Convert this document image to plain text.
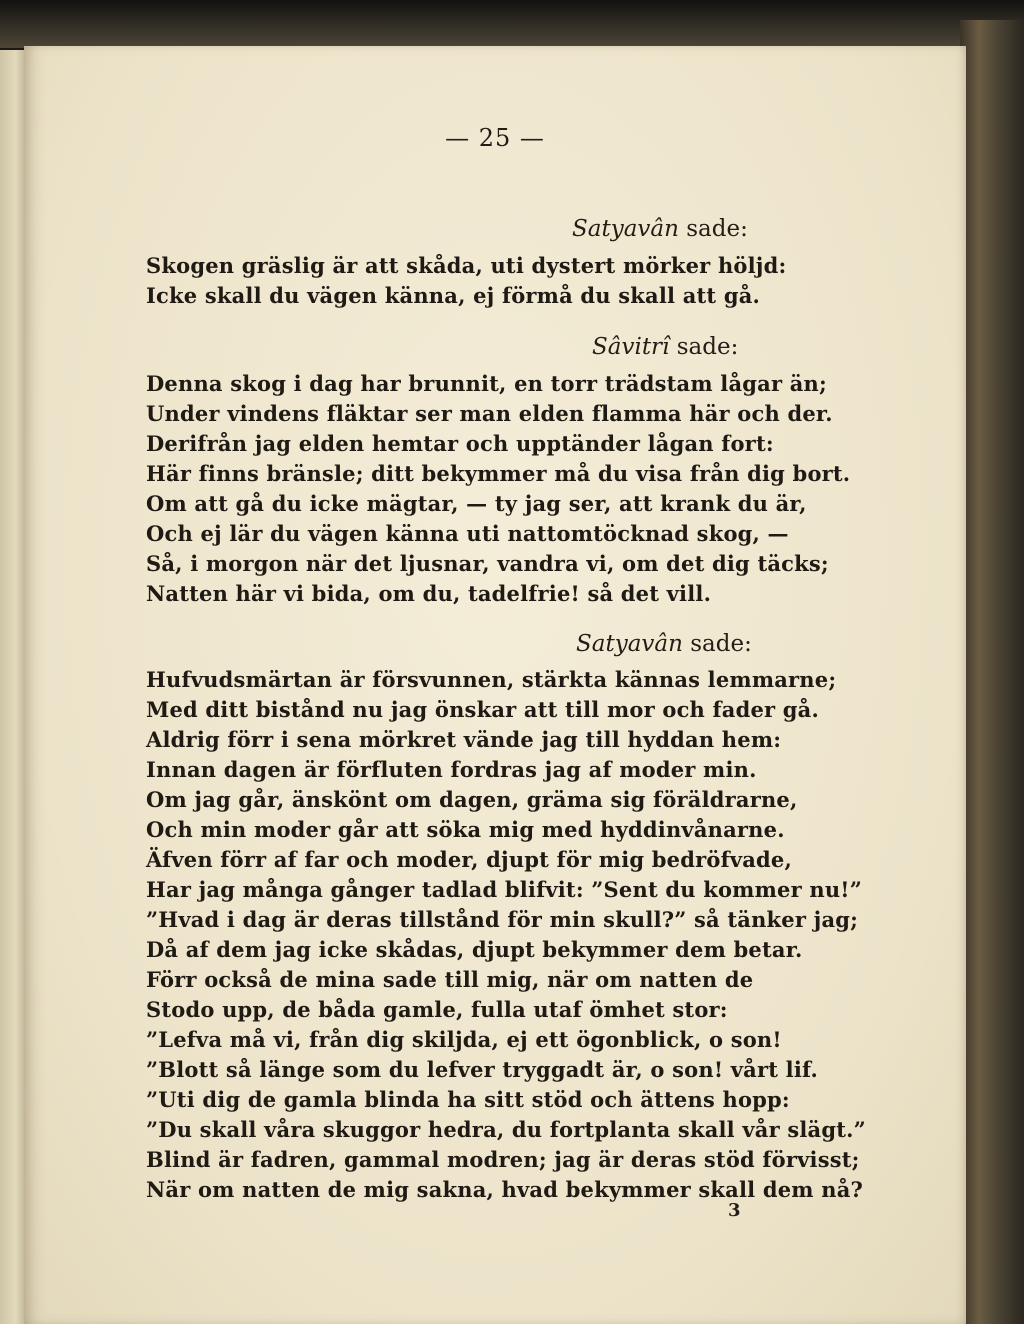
— 25 —
Satyavân sade:
Skogen gräslig är att skåda, uti dystert mörker höljd:
Icke skall du vägen känna, ej förmå du skall att gå.
Sâvitrî sade:
Denna skog i dag har brunnit, en torr trädstam lågar än;
Under vindens fläktar ser man elden flamma här och der.
Derifrån jag elden hemtar och upptänder lågan fort:
Här finns bränsle; ditt bekymmer må du visa från dig bort.
Om att gå du icke mägtar, — ty jag ser, att krank du är,
Och ej lär du vägen känna uti nattomtöcknad skog, —
Så, i morgon när det ljusnar, vandra vi, om det dig täcks;
Natten här vi bida, om du, tadelfrie! så det vill.
Satyavân sade:
Hufvudsmärtan är försvunnen, stärkta kännas lemmarne;
Med ditt bistånd nu jag önskar att till mor och fader gå.
Aldrig förr i sena mörkret vände jag till hyddan hem:
Innan dagen är förfluten fordras jag af moder min.
Om jag går, änskönt om dagen, gräma sig föräldrarne,
Och min moder går att söka mig med hyddinvånarne.
Äfven förr af far och moder, djupt för mig bedröfvade,
Har jag många gånger tadlad blifvit: ”Sent du kommer nu!”
”Hvad i dag är deras tillstånd för min skull?” så tänker jag;
Då af dem jag icke skådas, djupt bekymmer dem betar.
Förr också de mina sade till mig, när om natten de
Stodo upp, de båda gamle, fulla utaf ömhet stor:
”Lefva må vi, från dig skiljda, ej ett ögonblick, o son!
”Blott så länge som du lefver tryggadt är, o son! vårt lif.
”Uti dig de gamla blinda ha sitt stöd och ättens hopp:
”Du skall våra skuggor hedra, du fortplanta skall vår slägt.”
Blind är fadren, gammal modren; jag är deras stöd förvisst;
När om natten de mig sakna, hvad bekymmer skall dem nå?
3
